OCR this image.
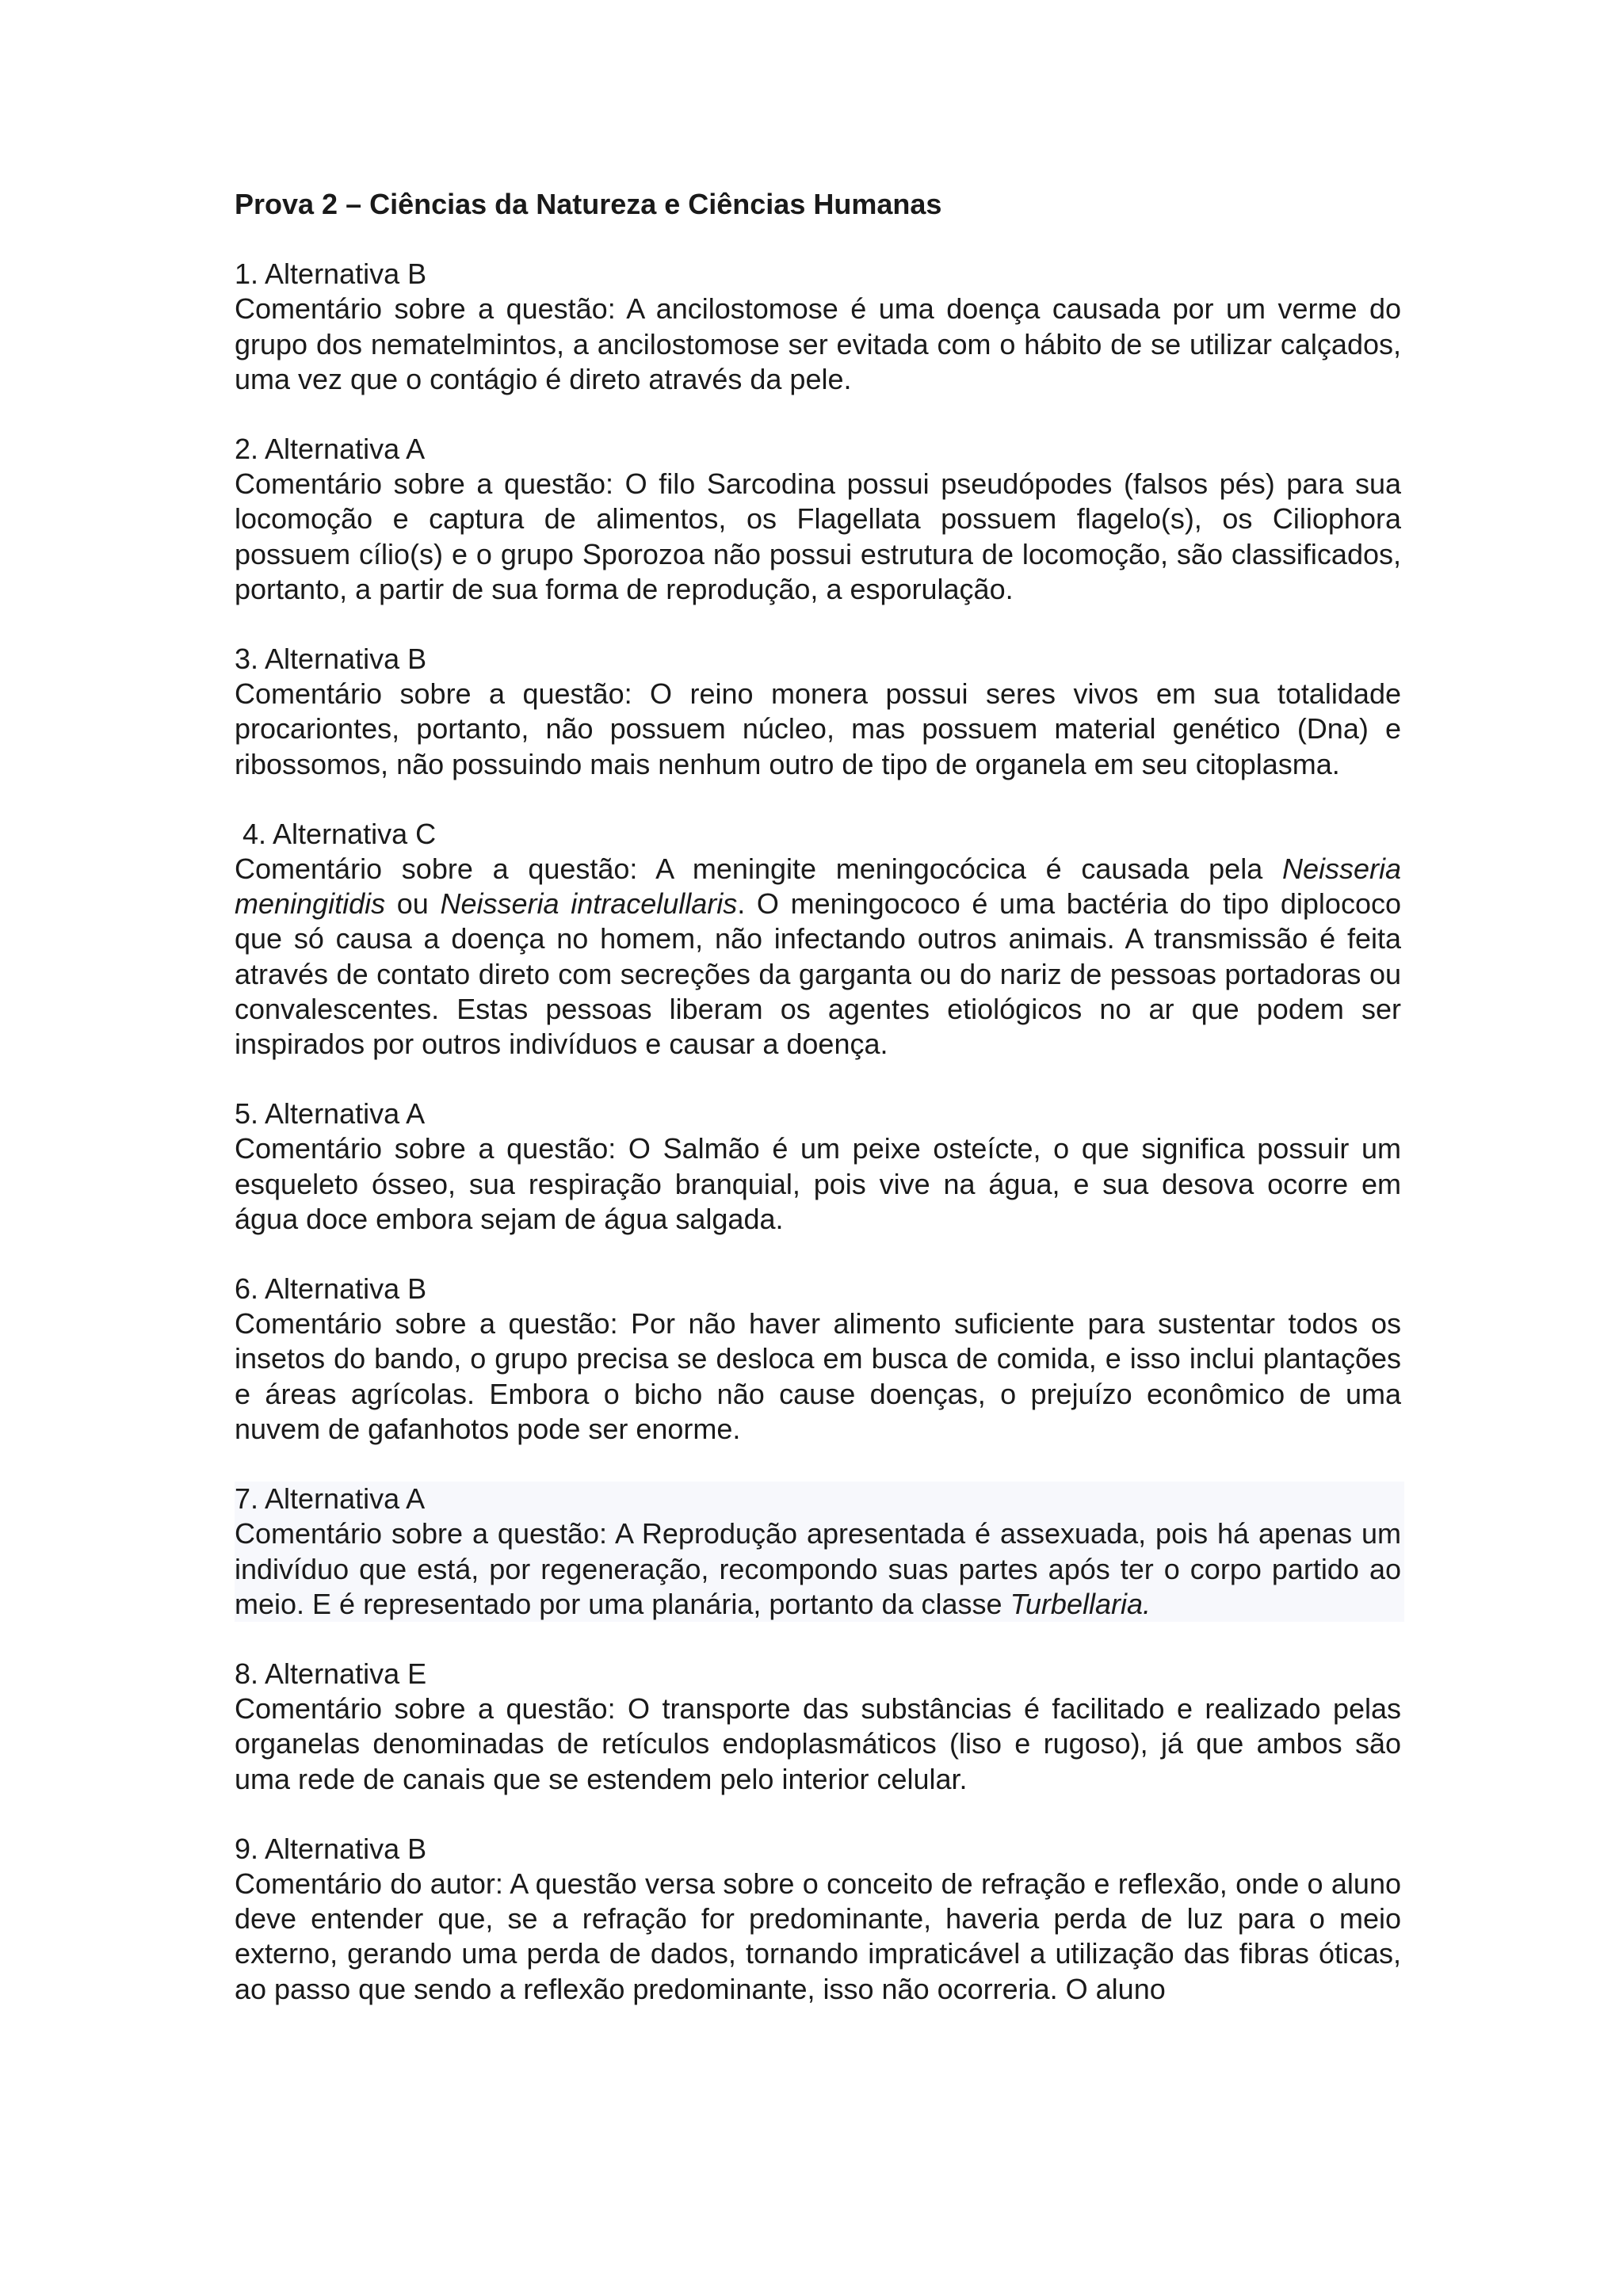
Prova 2 – Ciências da Natureza e Ciências Humanas
1. Alternativa B
Comentário sobre a questão: A ancilostomose é uma doença causada por um verme do grupo dos nematelmintos, a ancilostomose ser evitada com o hábito de se utilizar calçados, uma vez que o contágio é direto através da pele.
2. Alternativa A
Comentário sobre a questão: O filo Sarcodina possui pseudópodes (falsos pés) para sua locomoção e captura de alimentos, os Flagellata possuem flagelo(s), os Ciliophora possuem cílio(s) e o grupo Sporozoa não possui estrutura de locomoção, são classificados, portanto, a partir de sua forma de reprodução, a esporulação.
3. Alternativa B
Comentário sobre a questão: O reino monera possui seres vivos em sua totalidade procariontes, portanto, não possuem núcleo, mas possuem material genético (Dna) e ribossomos, não possuindo mais nenhum outro de tipo de organela em seu citoplasma.
4. Alternativa C
Comentário sobre a questão: A meningite meningocócica é causada pela Neisseria meningitidis ou Neisseria intracelullaris. O meningococo é uma bactéria do tipo diplococo que só causa a doença no homem, não infectando outros animais. A transmissão é feita através de contato direto com secreções da garganta ou do nariz de pessoas portadoras ou convalescentes. Estas pessoas liberam os agentes etiológicos no ar que podem ser inspirados por outros indivíduos e causar a doença.
5. Alternativa A
Comentário sobre a questão: O Salmão é um peixe osteícte, o que significa possuir um esqueleto ósseo, sua respiração branquial, pois vive na água, e sua desova ocorre em água doce embora sejam de água salgada.
6. Alternativa B
Comentário sobre a questão: Por não haver alimento suficiente para sustentar todos os insetos do bando, o grupo precisa se desloca em busca de comida, e isso inclui plantações e áreas agrícolas. Embora o bicho não cause doenças, o prejuízo econômico de uma nuvem de gafanhotos pode ser enorme.
7. Alternativa A
Comentário sobre a questão: A Reprodução apresentada é assexuada, pois há apenas um indivíduo que está, por regeneração, recompondo suas partes após ter o corpo partido ao meio. E é representado por uma planária, portanto da classe Turbellaria.
8. Alternativa E
Comentário sobre a questão: O transporte das substâncias é facilitado e realizado pelas organelas denominadas de retículos endoplasmáticos (liso e rugoso), já que ambos são uma rede de canais que se estendem pelo interior celular.
9. Alternativa B
Comentário do autor: A questão versa sobre o conceito de refração e reflexão, onde o aluno deve entender que, se a refração for predominante, haveria perda de luz para o meio externo, gerando uma perda de dados, tornando impraticável a utilização das fibras óticas, ao passo que sendo a reflexão predominante, isso não ocorreria. O aluno
